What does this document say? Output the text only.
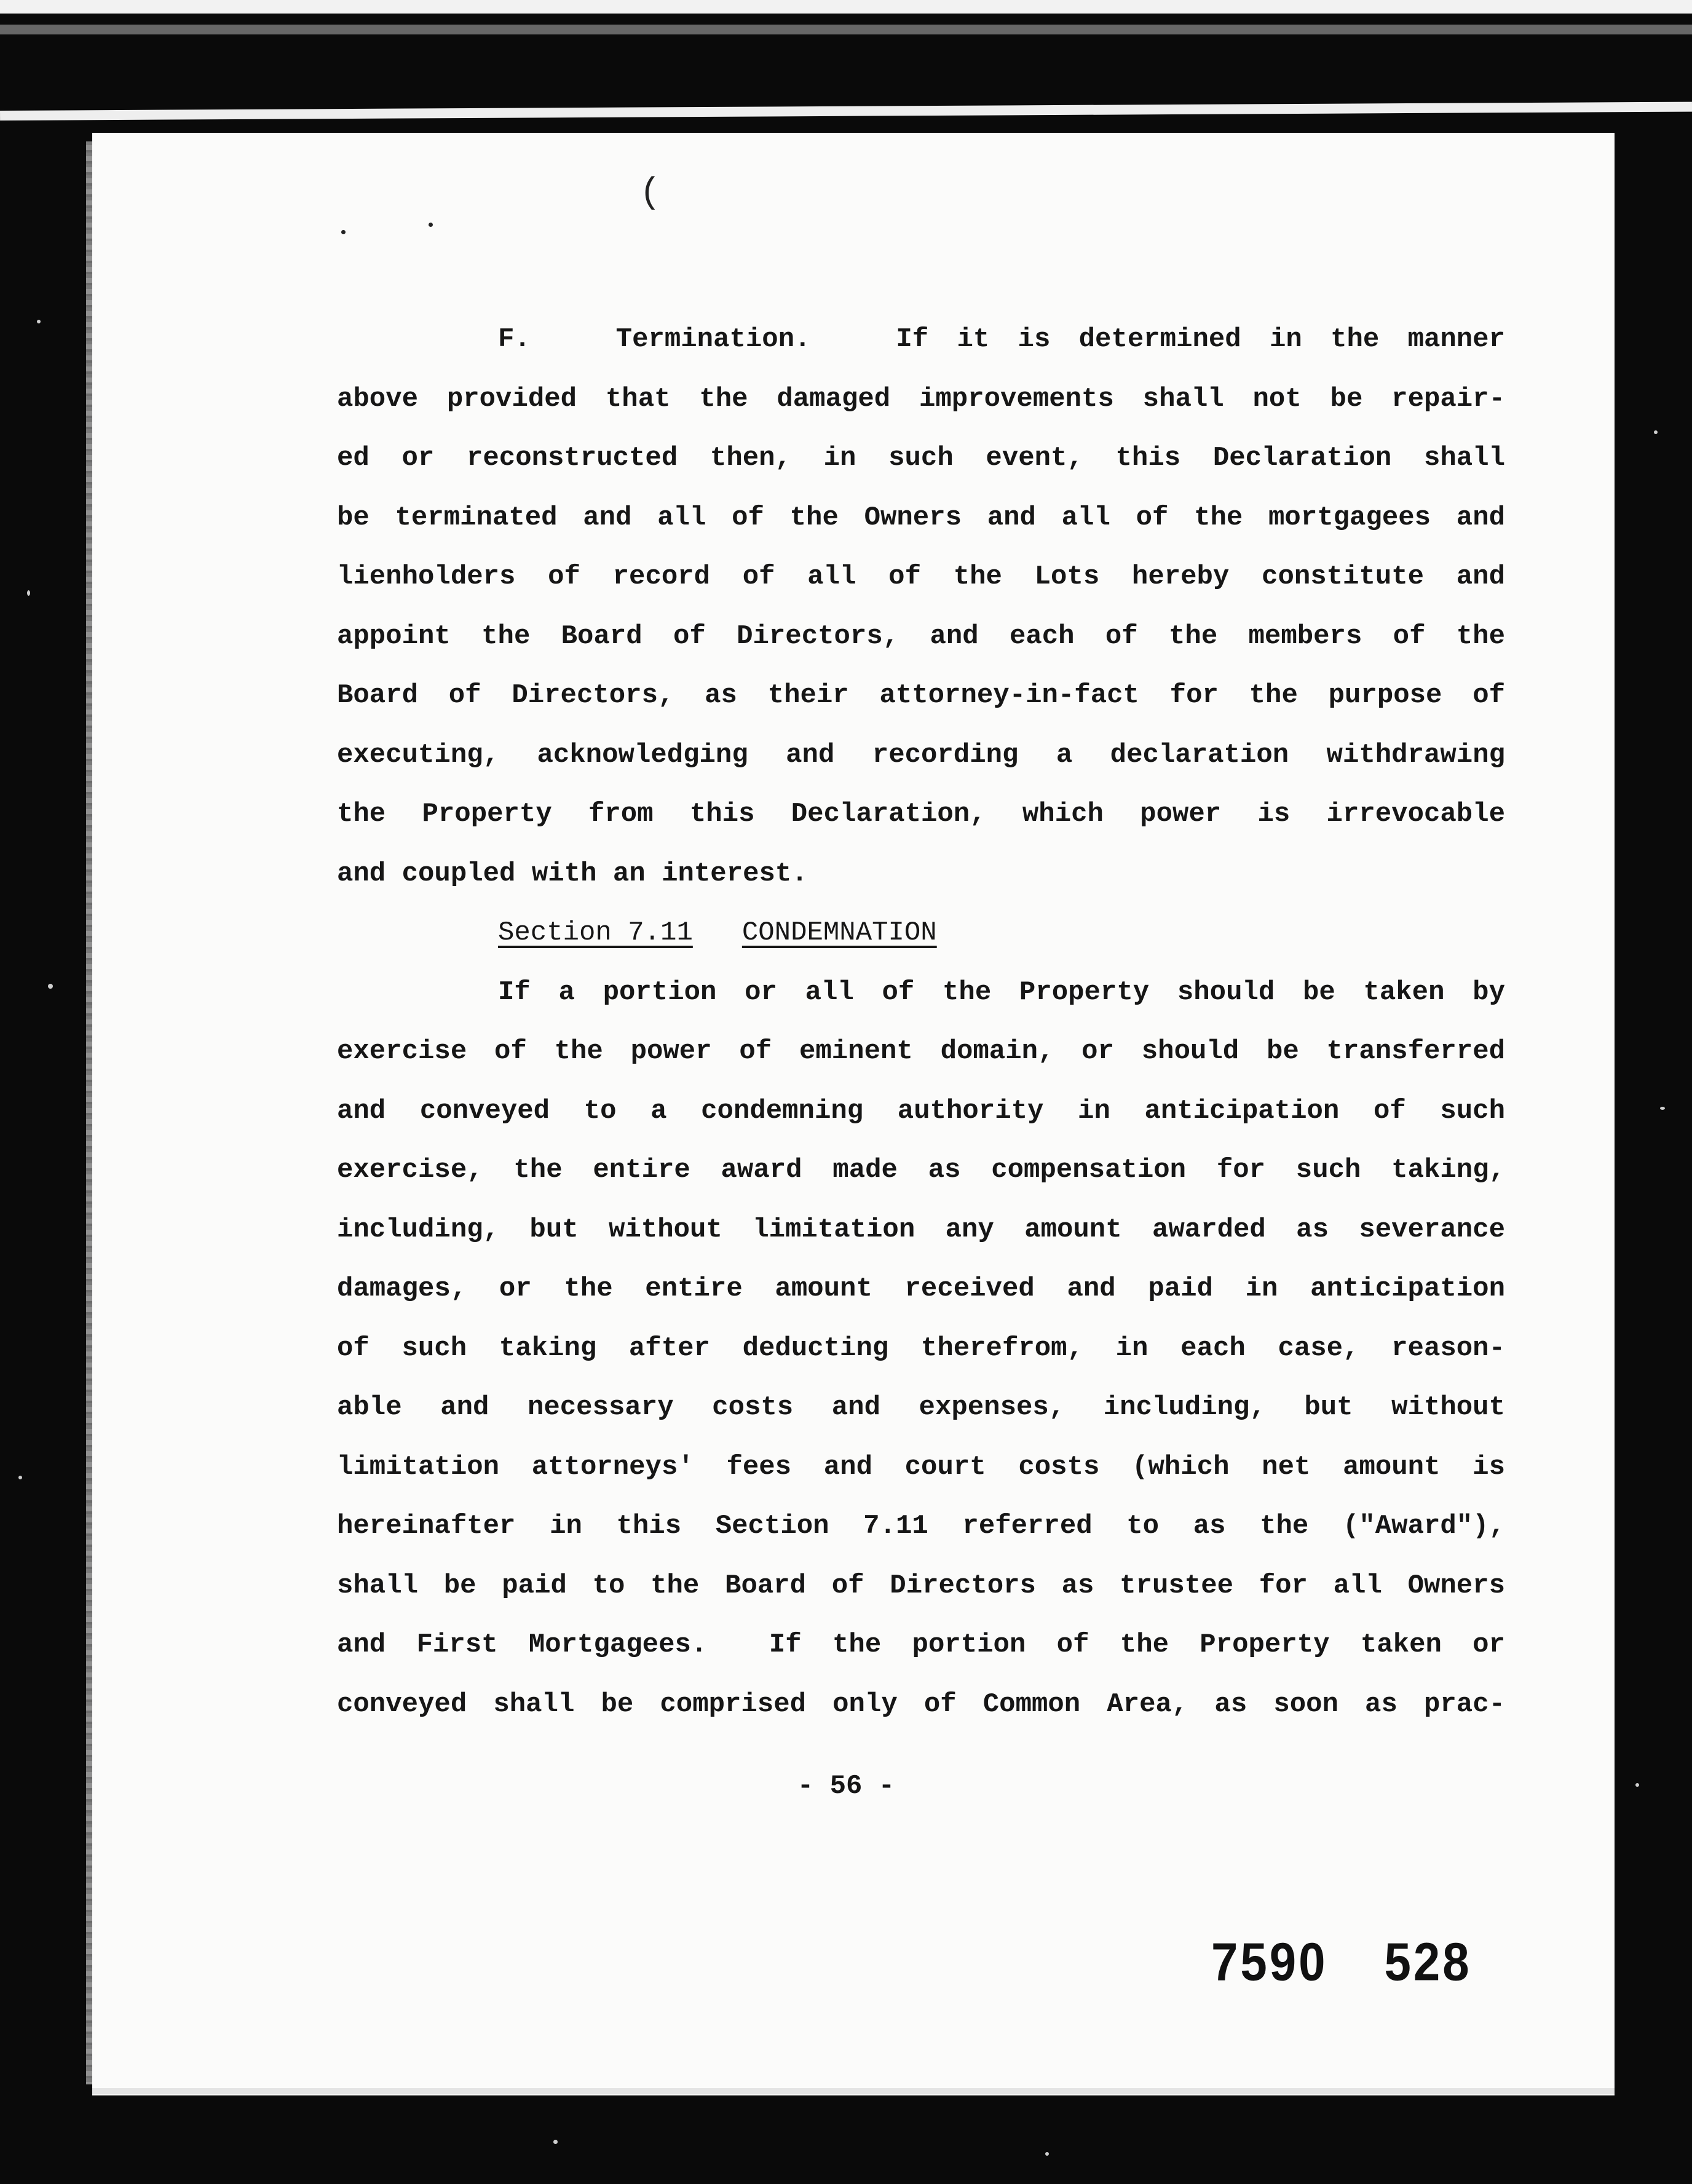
(
F.   Termination.   If it is determined in the manner
above provided that the damaged improvements shall not be repair-
ed or reconstructed then, in such event, this Declaration shall
be terminated and all of the Owners and all of the mortgagees and
lienholders of record of all of the Lots hereby constitute and
appoint the Board of Directors, and each of the members of the
Board of Directors, as their attorney-in-fact for the purpose of
executing, acknowledging and recording a declaration withdrawing
the Property from this Declaration, which power is irrevocable
and coupled with an interest.
Section 7.11 CONDEMNATION
If a portion or all of the Property should be taken by
exercise of the power of eminent domain, or should be transferred
and conveyed to a condemning authority in anticipation of such
exercise, the entire award made as compensation for such taking,
including, but without limitation any amount awarded as severance
damages, or the entire amount received and paid in anticipation
of such taking after deducting therefrom, in each case, reason-
able and necessary costs and expenses, including, but without
limitation attorneys' fees and court costs (which net amount is
hereinafter in this Section 7.11 referred to as the ("Award"),
shall be paid to the Board of Directors as trustee for all Owners
and First Mortgagees.  If the portion of the Property taken or
conveyed shall be comprised only of Common Area, as soon as prac-
- 56 -
7590 528
